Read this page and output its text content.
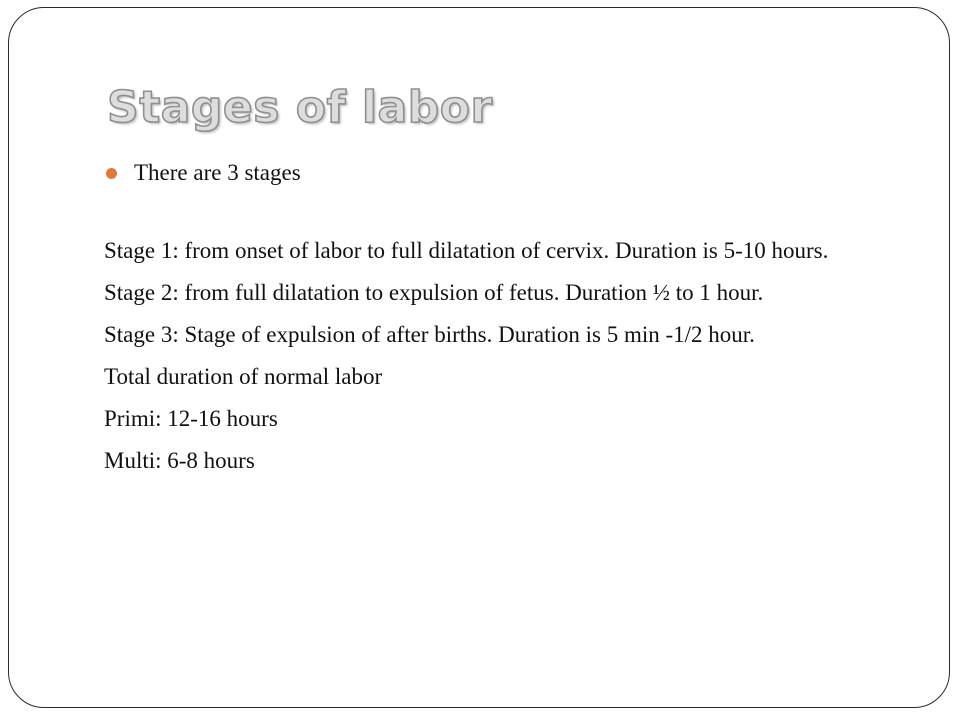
Stages of labor
There are 3 stages

Stage 1: from onset of labor to full dilatation of cervix. Duration is 5-10 hours.

Stage 2: from full dilatation to expulsion of fetus. Duration ½ to 1 hour.

Stage 3: Stage of expulsion of after births. Duration is 5 min -1/2 hour.

Total duration of normal labor

Primi: 12-16 hours

Multi: 6-8 hours
